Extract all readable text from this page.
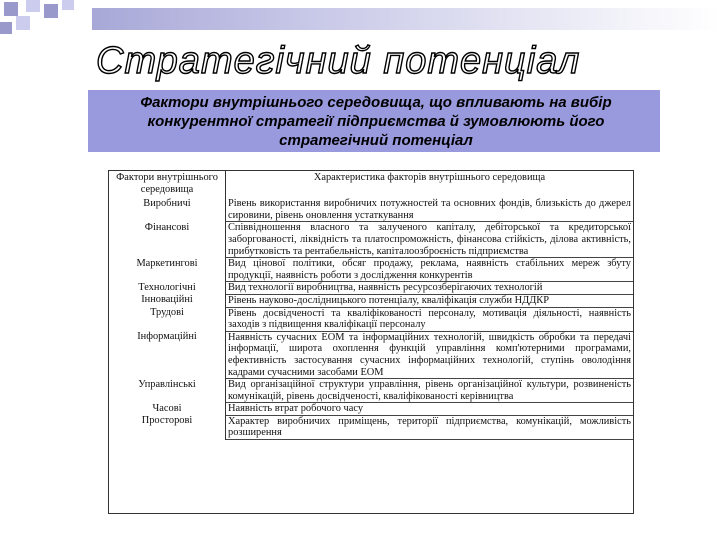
Стратегічний потенціал

Фактори внутрішнього середовища, що впливають на вибір конкурентної стратегії підприємства й зумовлюють його стратегічний потенціал

Фактори внутрішнього середовища	Характеристика факторів внутрішнього середовища
Виробничі	Рівень використання виробничих потужностей та основних фондів, близькість до джерел сировини, рівень оновлення устаткування
Фінансові	Співвідношення власного та залученого капіталу, дебіторської та кредиторської заборгованості, ліквідність та платоспроможність, фінансова стійкість, ділова активність, прибутковість та рентабельність, капіталоозброєність підприємства
Маркетингові	Вид цінової політики, обсяг продажу, реклама, наявність стабільних мереж збуту продукції, наявність роботи з дослідження конкурентів
Технологічні	Вид технології виробництва, наявність ресурсозберігаючих технологій
Інноваційні	Рівень науково-дослідницького потенціалу, кваліфікація служби НДДКР
Трудові	Рівень досвідченості та кваліфікованості персоналу, мотивація діяльності, наявність заходів з підвищення кваліфікації персоналу
Інформаційні	Наявність сучасних ЕОМ та інформаційних технологій, швидкість обробки та передачі інформації, широта охоплення функцій управління комп'ютерними програмами, ефективність застосування сучасних інформаційних технологій, ступінь оволодіння кадрами сучасними засобами ЕОМ
Управлінські	Вид організаційної структури управління, рівень організаційної культури, розвиненість комунікацій, рівень досвідченості, кваліфікованості керівництва
Часові	Наявність втрат робочого часу
Просторові	Характер виробничих приміщень, території підприємства, комунікацій, можливість розширення
